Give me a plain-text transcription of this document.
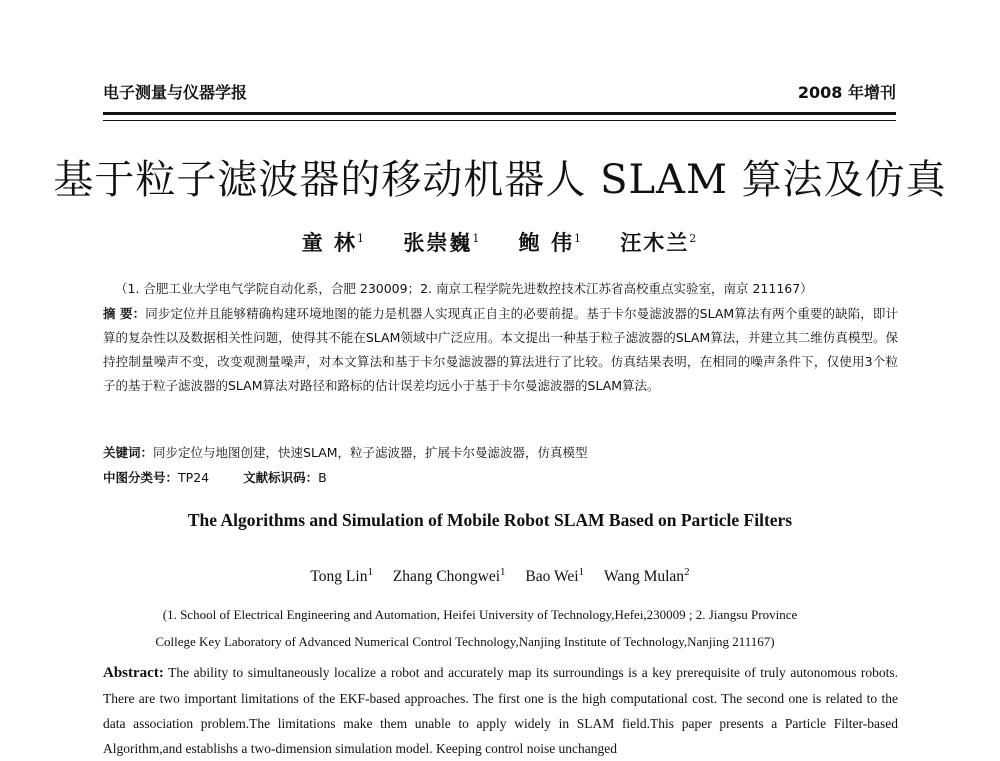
电子测量与仪器学报	2008 年增刊
基于粒子滤波器的移动机器人 SLAM 算法及仿真
童 林$^1$ 张崇巍$^1$ 鲍 伟$^1$ 汪木兰$^2$
（1. 合肥工业大学电气学院自动化系，合肥 230009；2. 南京工程学院先进数控技术江苏省高校重点实验室，南京 211167）
摘 要：同步定位并且能够精确构建环境地图的能力是机器人实现真正自主的必要前提。基于卡尔曼滤波器的SLAM算法有两个重要的缺陷，即计算的复杂性以及数据相关性问题，使得其不能在SLAM领域中广泛应用。本文提出一种基于粒子滤波器的SLAM算法，并建立其二维仿真模型。保持控制量噪声不变，改变观测量噪声，对本文算法和基于卡尔曼滤波器的算法进行了比较。仿真结果表明，在相同的噪声条件下，仅使用3个粒子的基于粒子滤波器的SLAM算法对路径和路标的估计误差均远小于基于卡尔曼滤波器的SLAM算法。
关键词：同步定位与地图创建，快速SLAM，粒子滤波器，扩展卡尔曼滤波器，仿真模型
中图分类号：TP24	文献标识码：B
The Algorithms and Simulation of Mobile Robot SLAM Based on Particle Filters
Tong Lin$^1$ Zhang Chongwei$^1$ Bao Wei$^1$ Wang Mulan$^2$
(1. School of Electrical Engineering and Automation, Heifei University of Technology,Hefei,230009 ; 2. Jiangsu Province
College Key Laboratory of Advanced Numerical Control Technology,Nanjing Institute of Technology,Nanjing 211167)
Abstract: The ability to simultaneously localize a robot and accurately map its surroundings is a key prerequisite of truly autonomous robots. There are two important limitations of the EKF-based approaches. The first one is the high computational cost. The second one is related to the data association problem.The limitations make them unable to apply widely in SLAM field.This paper presents a Particle Filter-based Algorithm,and establishs a two-dimension simulation model. Keeping control noise unchanged
